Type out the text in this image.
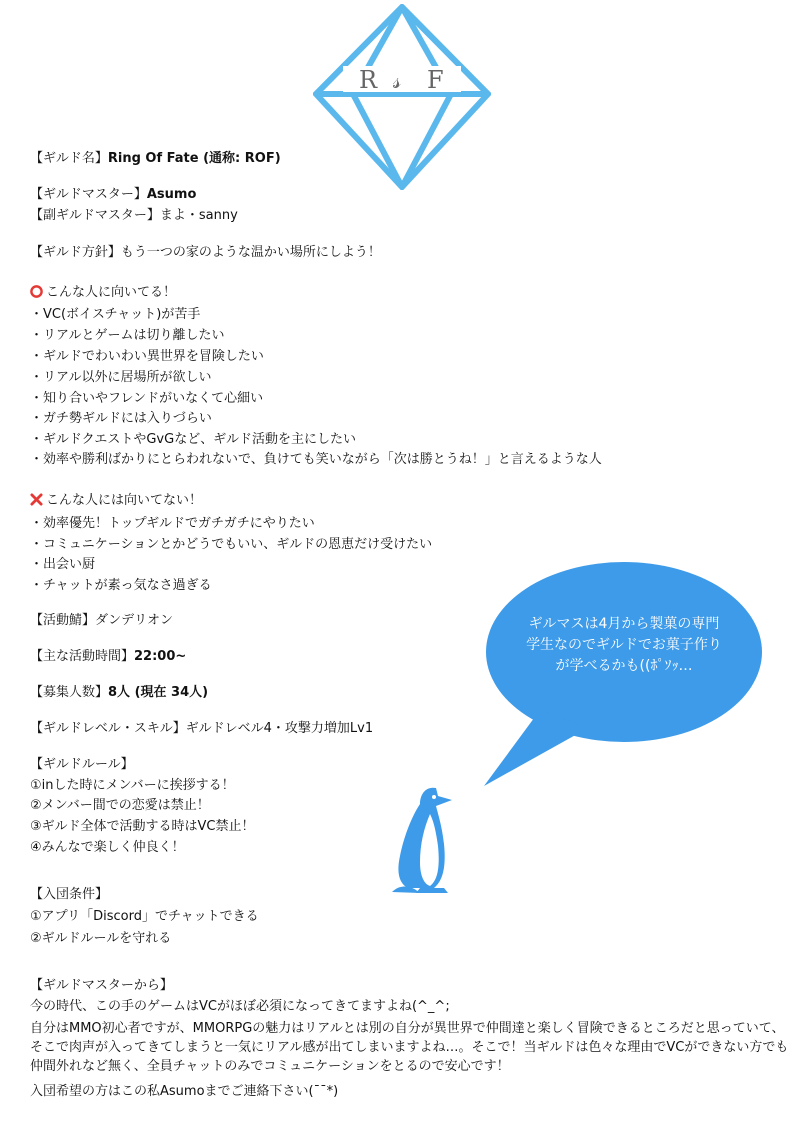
R 𝓈 F
【ギルド名】Ring Of Fate (通称: ROF)
【ギルドマスター】Asumo
【副ギルドマスター】まよ・sanny
【ギルド方針】もう一つの家のような温かい場所にしよう！
こんな人に向いてる！
・VC(ボイスチャット)が苦手
・リアルとゲームは切り離したい
・ギルドでわいわい異世界を冒険したい
・リアル以外に居場所が欲しい
・知り合いやフレンドがいなくて心細い
・ガチ勢ギルドには入りづらい
・ギルドクエストやGvGなど、ギルド活動を主にしたい
・効率や勝利ばかりにとらわれないで、負けても笑いながら「次は勝とうね！」と言えるような人
こんな人には向いてない！
・効率優先！トップギルドでガチガチにやりたい
・コミュニケーションとかどうでもいい、ギルドの恩恵だけ受けたい
・出会い厨
・チャットが素っ気なさ過ぎる
【活動鯖】ダンデリオン
【主な活動時間】22:00~
【募集人数】8人 (現在 34人)
【ギルドレベル・スキル】ギルドレベル4・攻撃力増加Lv1
【ギルドルール】
①inした時にメンバーに挨拶する！
②メンバー間での恋愛は禁止！
③ギルド全体で活動する時はVC禁止！
④みんなで楽しく仲良く！
【入団条件】
①アプリ「Discord」でチャットできる
②ギルドルールを守れる
【ギルドマスターから】
今の時代、この手のゲームはVCがほぼ必須になってきてますよね(^_^;
自分はMMO初心者ですが、MMORPGの魅力はリアルとは別の自分が異世界で仲間達と楽しく冒険できるところだと思っていて、そこで肉声が入ってきてしまうと一気にリアル感が出てしまいますよね…。そこで！当ギルドは色々な理由でVCができない方でも仲間外れなど無く、全員チャットのみでコミュニケーションをとるので安心です！
入団希望の方はこの私Asumoまでご連絡下さい(¯¯*)
ギルマスは4月から製菓の専門
学生なのでギルドでお菓子作り
が学べるかも((ﾎﾟｿｯ…
